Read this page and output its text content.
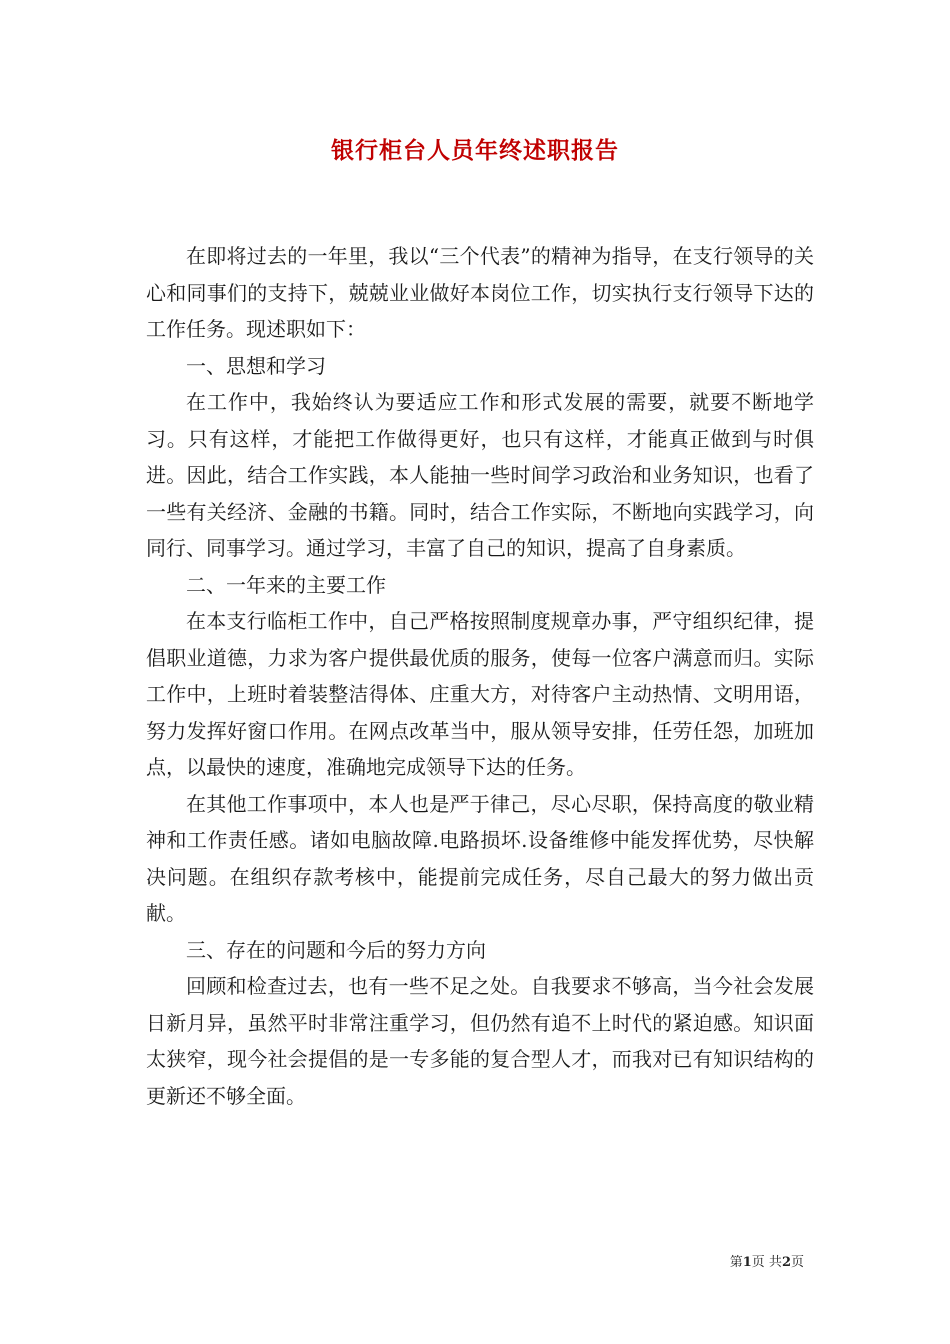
银行柜台人员年终述职报告

在即将过去的一年里，我以“三个代表”的精神为指导，在支行领导的关心和同事们的支持下，兢兢业业做好本岗位工作，切实执行支行领导下达的工作任务。现述职如下：

一、思想和学习

在工作中，我始终认为要适应工作和形式发展的需要，就要不断地学习。只有这样，才能把工作做得更好，也只有这样，才能真正做到与时俱进。因此，结合工作实践，本人能抽一些时间学习政治和业务知识，也看了一些有关经济、金融的书籍。同时，结合工作实际，不断地向实践学习，向同行、同事学习。通过学习，丰富了自己的知识，提高了自身素质。

二、一年来的主要工作

在本支行临柜工作中，自己严格按照制度规章办事，严守组织纪律，提倡职业道德，力求为客户提供最优质的服务，使每一位客户满意而归。实际工作中，上班时着装整洁得体、庄重大方，对待客户主动热情、文明用语，努力发挥好窗口作用。在网点改革当中，服从领导安排，任劳任怨，加班加点，以最快的速度，准确地完成领导下达的任务。

在其他工作事项中，本人也是严于律己，尽心尽职，保持高度的敬业精神和工作责任感。诸如电脑故障.电路损坏.设备维修中能发挥优势，尽快解决问题。在组织存款考核中，能提前完成任务，尽自己最大的努力做出贡献。

三、存在的问题和今后的努力方向

回顾和检查过去，也有一些不足之处。自我要求不够高，当今社会发展日新月异，虽然平时非常注重学习，但仍然有追不上时代的紧迫感。知识面太狭窄，现今社会提倡的是一专多能的复合型人才，而我对已有知识结构的更新还不够全面。

第1页 共2页
